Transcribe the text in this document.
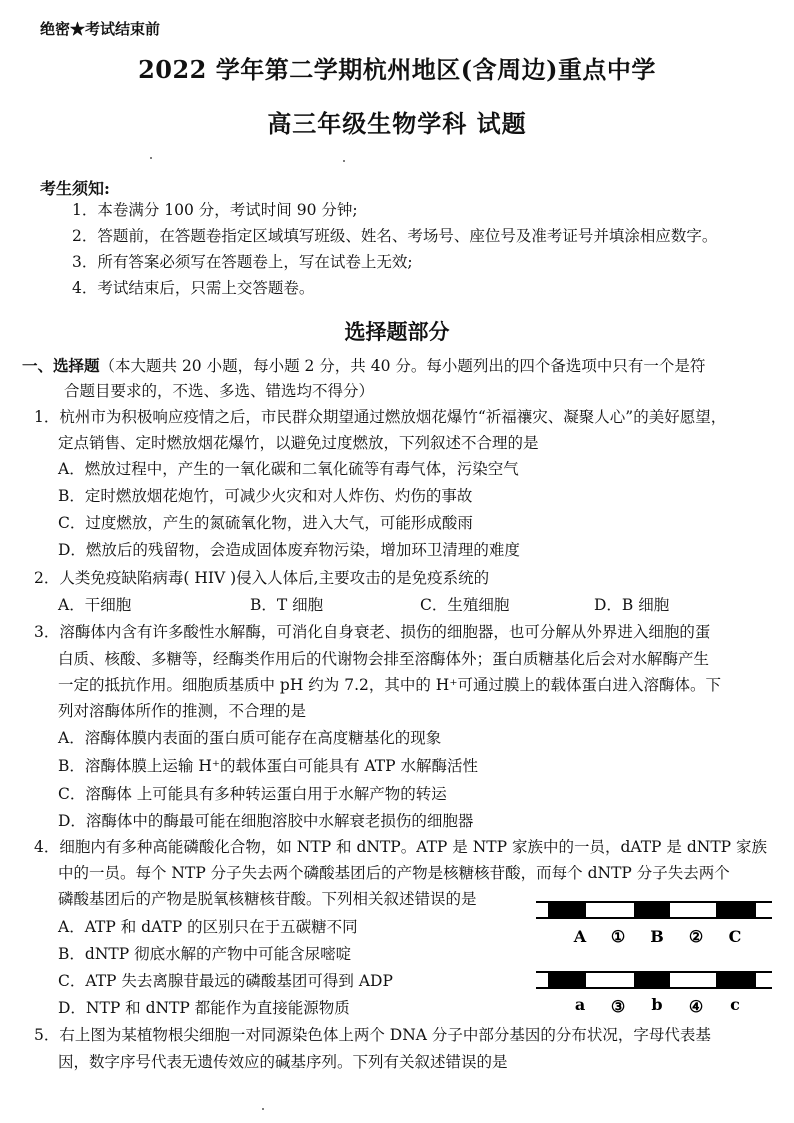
绝密★考试结束前
2022 学年第二学期杭州地区(含周边)重点中学
高三年级生物学科 试题
考生须知:
1．本卷满分 100 分，考试时间 90 分钟;
2．答题前，在答题卷指定区域填写班级、姓名、考场号、座位号及准考证号并填涂相应数字。
3．所有答案必须写在答题卷上，写在试卷上无效;
4．考试结束后，只需上交答题卷。
选择题部分
一、选择题（本大题共 20 小题，每小题 2 分，共 40 分。每小题列出的四个备选项中只有一个是符
合题目要求的，不选、多选、错选均不得分）
1．杭州市为积极响应疫情之后，市民群众期望通过燃放烟花爆竹“祈福禳灾、凝聚人心”的美好愿望，
定点销售、定时燃放烟花爆竹，以避免过度燃放，下列叙述不合理的是
A．燃放过程中，产生的一氧化碳和二氧化硫等有毒气体，污染空气
B．定时燃放烟花炮竹，可减少火灾和对人炸伤、灼伤的事故
C．过度燃放，产生的氮硫氧化物，进入大气，可能形成酸雨
D．燃放后的残留物，会造成固体废弃物污染，增加环卫清理的难度
2．人类免疫缺陷病毒( HIV )侵入人体后,主要攻击的是免疫系统的
A．干细胞	B．T 细胞	C．生殖细胞	D．B 细胞
3．溶酶体内含有许多酸性水解酶，可消化自身衰老、损伤的细胞器，也可分解从外界进入细胞的蛋
白质、核酸、多糖等，经酶类作用后的代谢物会排至溶酶体外；蛋白质糖基化后会对水解酶产生
一定的抵抗作用。细胞质基质中 pH 约为 7.2，其中的 H⁺可通过膜上的载体蛋白进入溶酶体。下
列对溶酶体所作的推测，不合理的是
A．溶酶体膜内表面的蛋白质可能存在高度糖基化的现象
B．溶酶体膜上运输 H⁺的载体蛋白可能具有 ATP 水解酶活性
C．溶酶体 上可能具有多种转运蛋白用于水解产物的转运
D．溶酶体中的酶最可能在细胞溶胶中水解衰老损伤的细胞器
4．细胞内有多种高能磷酸化合物，如 NTP 和 dNTP。ATP 是 NTP 家族中的一员，dATP 是 dNTP 家族
中的一员。每个 NTP 分子失去两个磷酸基团后的产物是核糖核苷酸，而每个 dNTP 分子失去两个
磷酸基团后的产物是脱氧核糖核苷酸。下列相关叙述错误的是
A．ATP 和 dATP 的区别只在于五碳糖不同
B．dNTP 彻底水解的产物中可能含尿嘧啶
C．ATP 失去离腺苷最远的磷酸基团可得到 ADP
D．NTP 和 dNTP 都能作为直接能源物质
A ① B ② C
a ③ b ④ c
5．右上图为某植物根尖细胞一对同源染色体上两个 DNA 分子中部分基因的分布状况，字母代表基
因，数字序号代表无遗传效应的碱基序列。下列有关叙述错误的是
